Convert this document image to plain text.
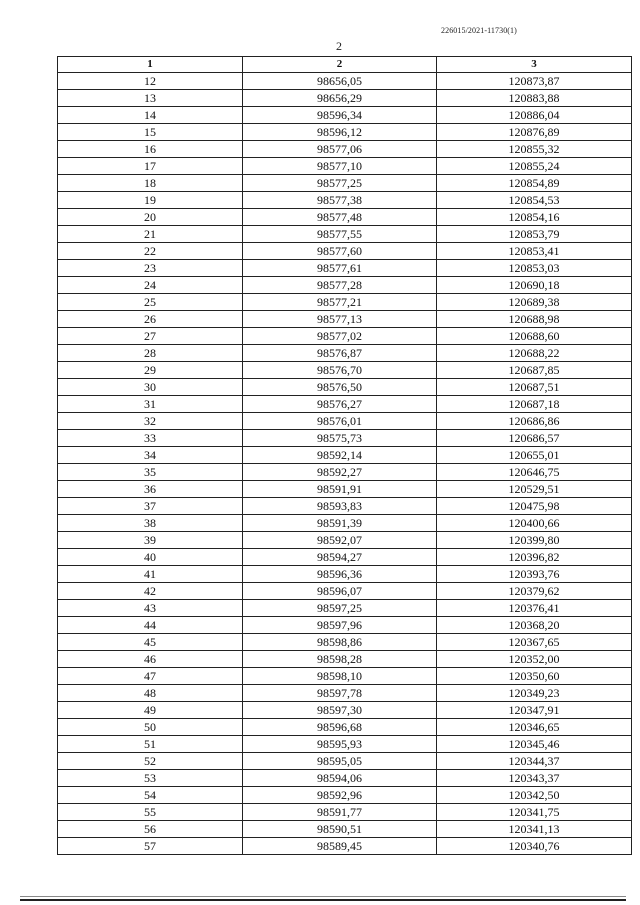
226015/2021-11730(1)
2
1	2	3
12	98656,05	120873,87
13	98656,29	120883,88
14	98596,34	120886,04
15	98596,12	120876,89
16	98577,06	120855,32
17	98577,10	120855,24
18	98577,25	120854,89
19	98577,38	120854,53
20	98577,48	120854,16
21	98577,55	120853,79
22	98577,60	120853,41
23	98577,61	120853,03
24	98577,28	120690,18
25	98577,21	120689,38
26	98577,13	120688,98
27	98577,02	120688,60
28	98576,87	120688,22
29	98576,70	120687,85
30	98576,50	120687,51
31	98576,27	120687,18
32	98576,01	120686,86
33	98575,73	120686,57
34	98592,14	120655,01
35	98592,27	120646,75
36	98591,91	120529,51
37	98593,83	120475,98
38	98591,39	120400,66
39	98592,07	120399,80
40	98594,27	120396,82
41	98596,36	120393,76
42	98596,07	120379,62
43	98597,25	120376,41
44	98597,96	120368,20
45	98598,86	120367,65
46	98598,28	120352,00
47	98598,10	120350,60
48	98597,78	120349,23
49	98597,30	120347,91
50	98596,68	120346,65
51	98595,93	120345,46
52	98595,05	120344,37
53	98594,06	120343,37
54	98592,96	120342,50
55	98591,77	120341,75
56	98590,51	120341,13
57	98589,45	120340,76
